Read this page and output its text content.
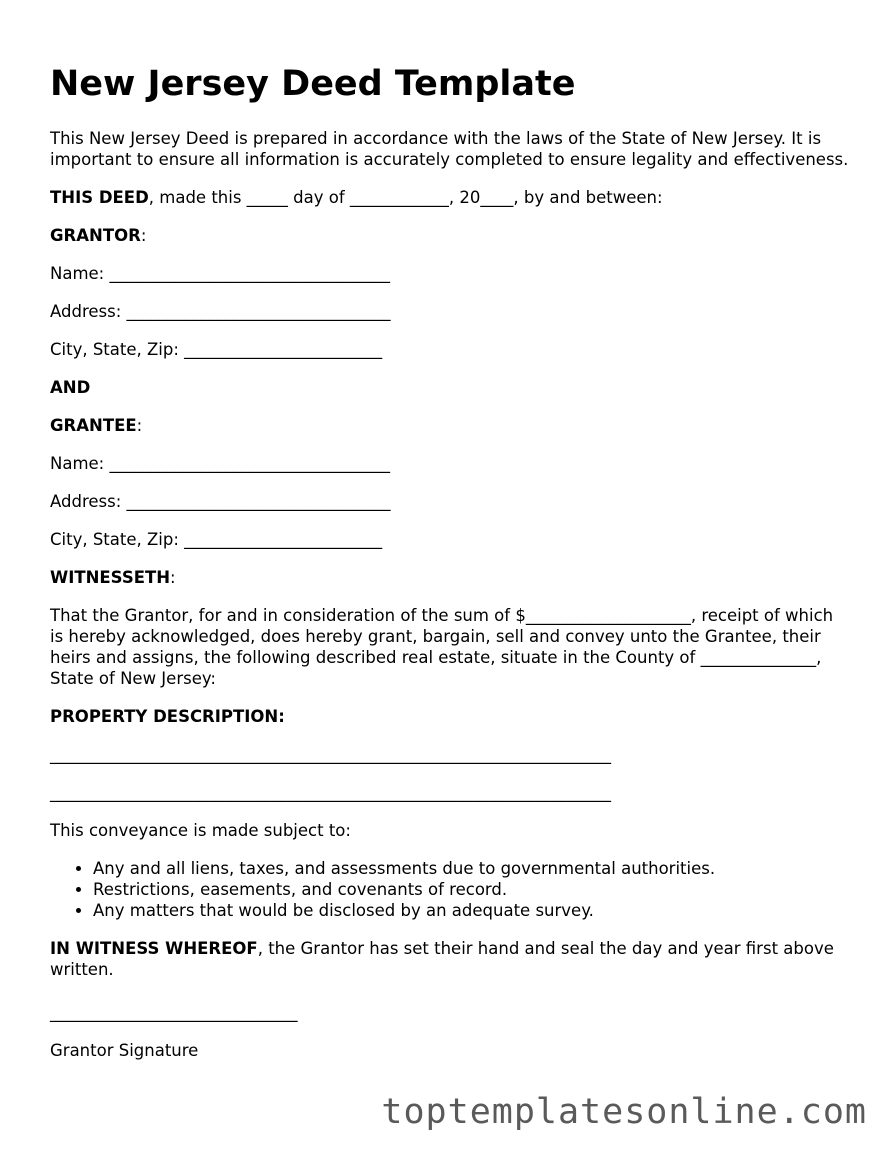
New Jersey Deed Template

This New Jersey Deed is prepared in accordance with the laws of the State of New Jersey. It is important to ensure all information is accurately completed to ensure legality and effectiveness.

THIS DEED, made this _____ day of ____________, 20____, by and between:

GRANTOR:

Name: __________________________________

Address: ________________________________

City, State, Zip: ________________________

AND

GRANTEE:

Name: __________________________________

Address: ________________________________

City, State, Zip: ________________________

WITNESSETH:

That the Grantor, for and in consideration of the sum of $____________________, receipt of which is hereby acknowledged, does hereby grant, bargain, sell and convey unto the Grantee, their heirs and assigns, the following described real estate, situate in the County of ______________, State of New Jersey:

PROPERTY DESCRIPTION:

____________________________________________________________________

____________________________________________________________________

This conveyance is made subject to:

• Any and all liens, taxes, and assessments due to governmental authorities.
• Restrictions, easements, and covenants of record.
• Any matters that would be disclosed by an adequate survey.

IN WITNESS WHEREOF, the Grantor has set their hand and seal the day and year first above written.

______________________________

Grantor Signature

toptemplatesonline.com
